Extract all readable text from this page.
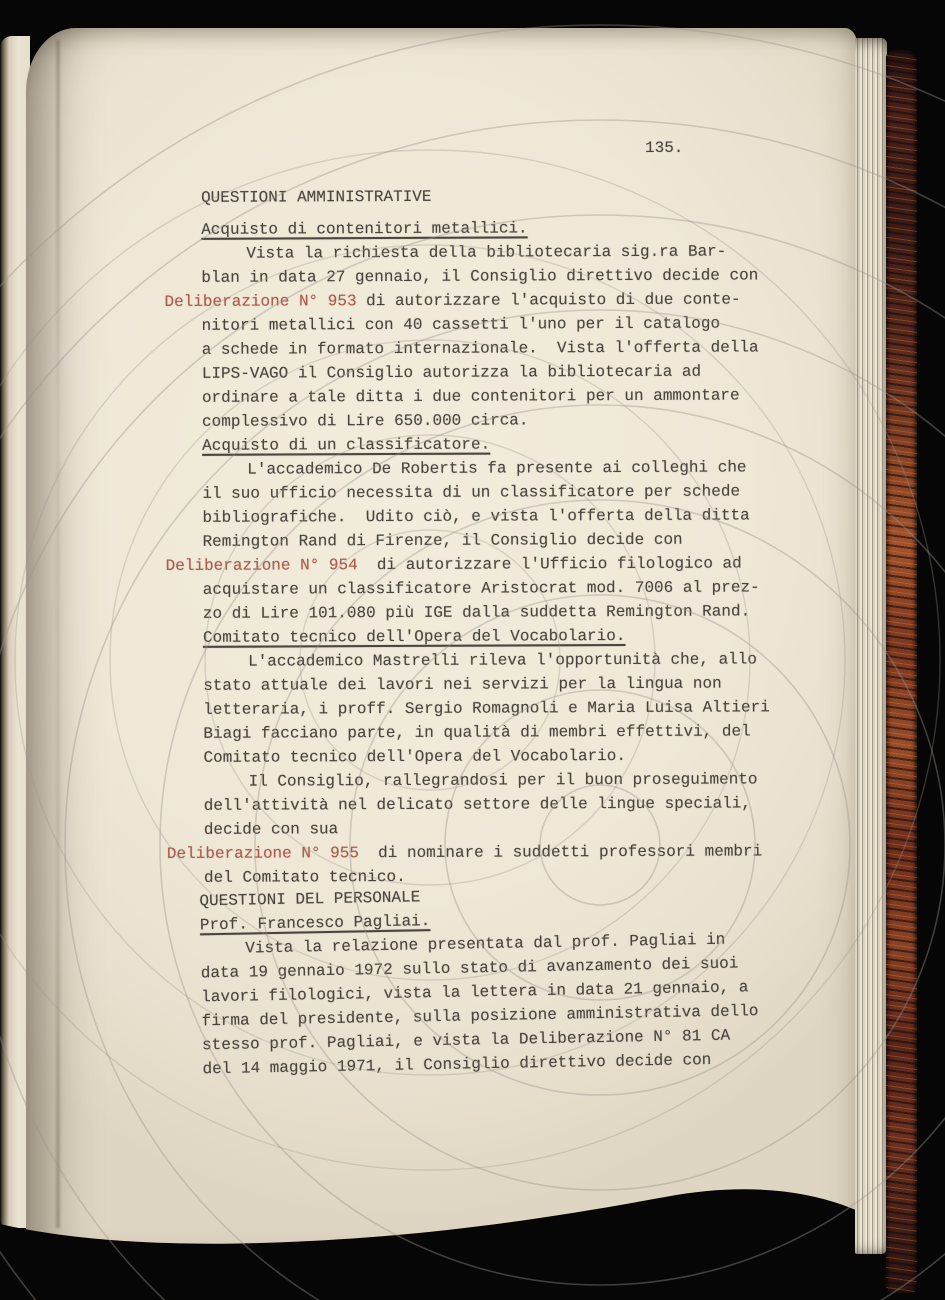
135.
QUESTIONI AMMINISTRATIVE
Acquisto di contenitori metallici.
Vista la richiesta della bibliotecaria sig.ra Bar-
blan in data 27 gennaio, il Consiglio direttivo decide con
Deliberazione N° 953 di autorizzare l'acquisto di due conte-
nitori metallici con 40 cassetti l'uno per il catalogo
a schede in formato internazionale.  Vista l'offerta della
LIPS-VAGO il Consiglio autorizza la bibliotecaria ad
ordinare a tale ditta i due contenitori per un ammontare
complessivo di Lire 650.000 circa.
Acquisto di un classificatore.
L'accademico De Robertis fa presente ai colleghi che
il suo ufficio necessita di un classificatore per schede
bibliografiche.  Udito ciò, e vista l'offerta della ditta
Remington Rand di Firenze, il Consiglio decide con
Deliberazione N° 954  di autorizzare l'Ufficio filologico ad
acquistare un classificatore Aristocrat mod. 7006 al prez-
zo di Lire 101.080 più IGE dalla suddetta Remington Rand.
Comitato tecnico dell'Opera del Vocabolario.
L'accademico Mastrelli rileva l'opportunità che, allo
stato attuale dei lavori nei servizi per la lingua non
letteraria, i proff. Sergio Romagnoli e Maria Luisa Altieri
Biagi facciano parte, in qualità di membri effettivi, del
Comitato tecnico dell'Opera del Vocabolario.
Il Consiglio, rallegrandosi per il buon proseguimento
dell'attività nel delicato settore delle lingue speciali,
decide con sua
Deliberazione N° 955  di nominare i suddetti professori membri
del Comitato tecnico.
QUESTIONI DEL PERSONALE
Prof. Francesco Pagliai.
Vista la relazione presentata dal prof. Pagliai in
data 19 gennaio 1972 sullo stato di avanzamento dei suoi
lavori filologici, vista la lettera in data 21 gennaio, a
firma del presidente, sulla posizione amministrativa dello
stesso prof. Pagliai, e vista la Deliberazione N° 81 CA
del 14 maggio 1971, il Consiglio direttivo decide con
